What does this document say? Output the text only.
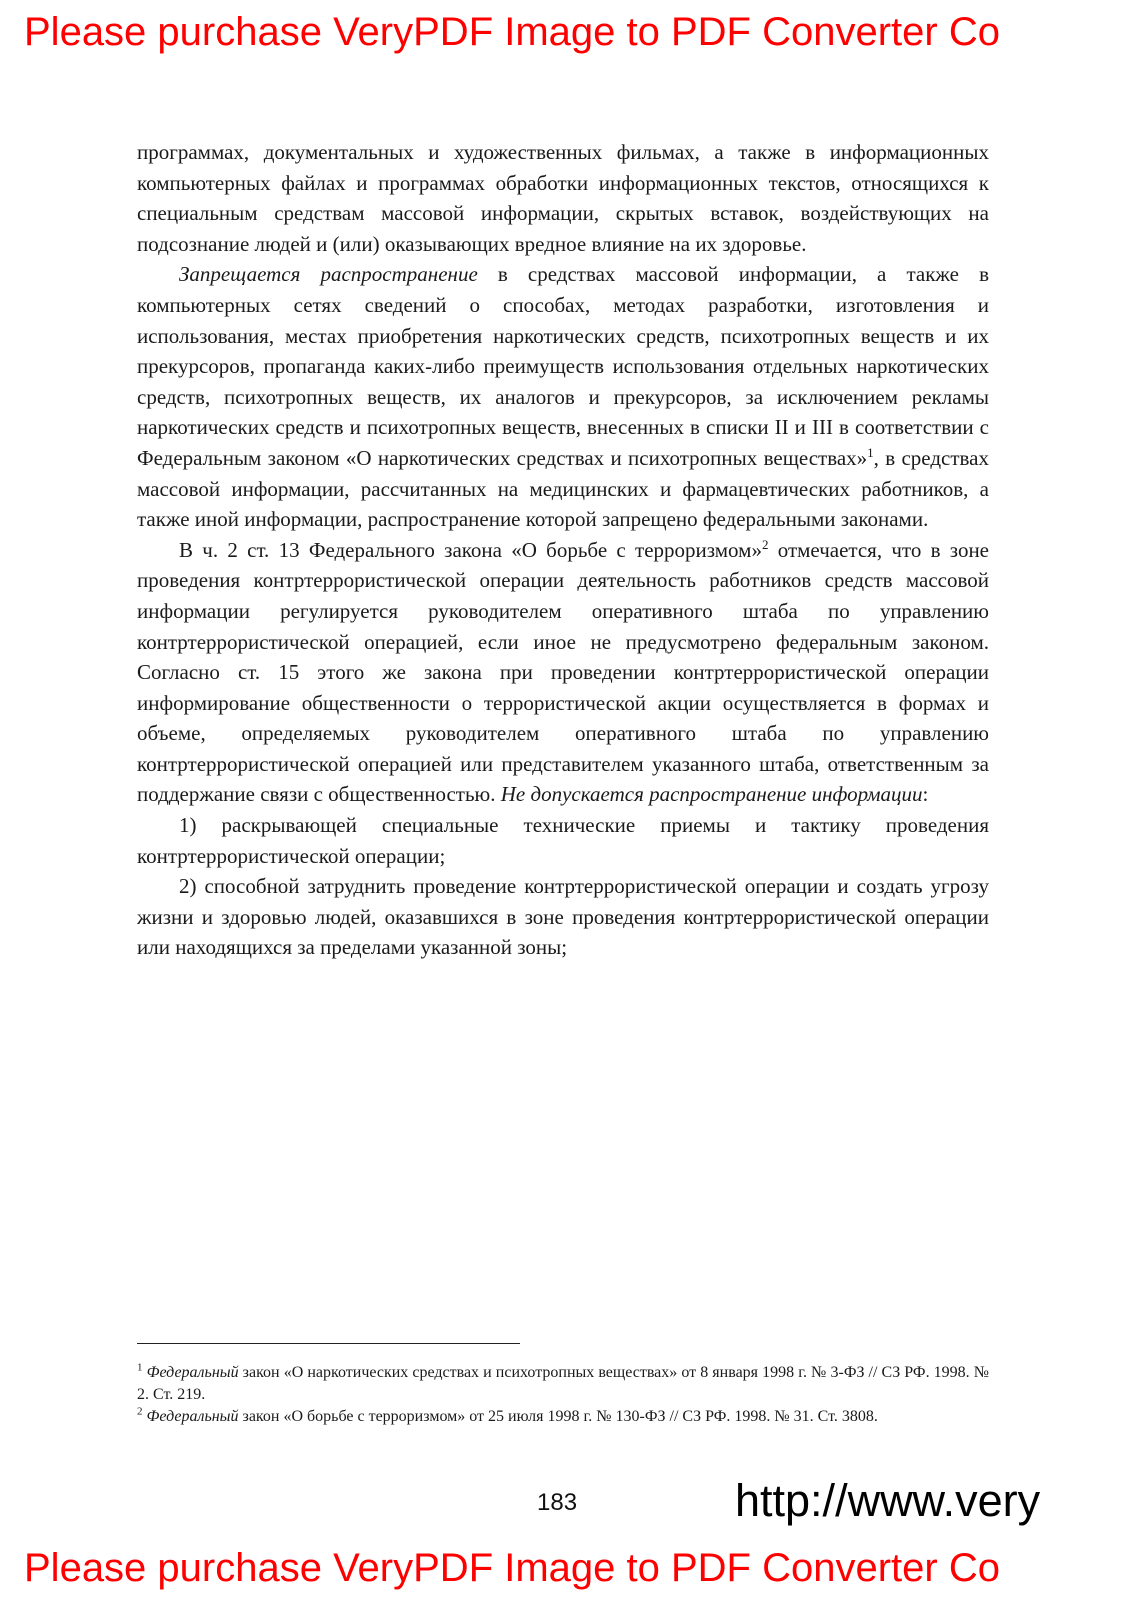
Please purchase VeryPDF Image to PDF Converter Co

программах, документальных и художественных фильмах, а также в информационных компьютерных файлах и программах обработки информационных текстов, относящихся к специальным средствам массовой информации, скрытых вставок, воздействующих на подсознание людей и (или) оказывающих вредное влияние на их здоровье.

Запрещается распространение в средствах массовой информации, а также в компьютерных сетях сведений о способах, методах разработки, изготовления и использования, местах приобретения наркотических средств, психотропных веществ и их прекурсоров, пропаганда каких-либо преимуществ использования отдельных наркотических средств, психотропных веществ, их аналогов и прекурсоров, за исключением рекламы наркотических средств и психотропных веществ, внесенных в списки II и III в соответствии с Федеральным законом «О наркотических средствах и психотропных веществах»$^1$, в средствах массовой информации, рассчитанных на медицинских и фармацевтических работников, а также иной информации, распространение которой запрещено федеральными законами.

В ч. 2 ст. 13 Федерального закона «О борьбе с терроризмом»$^2$ отмечается, что в зоне проведения контртеррористической операции деятельность работников средств массовой информации регулируется руководителем оперативного штаба по управлению контртеррористической операцией, если иное не предусмотрено федеральным законом. Согласно ст. 15 этого же закона при проведении контртеррористической операции информирование общественности о террористической акции осуществляется в формах и объеме, определяемых руководителем оперативного штаба по управлению контртеррористической операцией или представителем указанного штаба, ответственным за поддержание связи с общественностью. Не допускается распространение информации:

1) раскрывающей специальные технические приемы и тактику проведения контртеррористической операции;

2) способной затруднить проведение контртеррористической операции и создать угрозу жизни и здоровью людей, оказавшихся в зоне проведения контртеррористической операции или находящихся за пределами указанной зоны;

$^1$ Федеральный закон «О наркотических средствах и психотропных веществах» от 8 января 1998 г. № 3-ФЗ // СЗ РФ. 1998. № 2. Ст. 219.

$^2$ Федеральный закон «О борьбе с терроризмом» от 25 июля 1998 г. № 130-ФЗ // СЗ РФ. 1998. № 31. Ст. 3808.

183	http://www.very
Please purchase VeryPDF Image to PDF Converter Co
